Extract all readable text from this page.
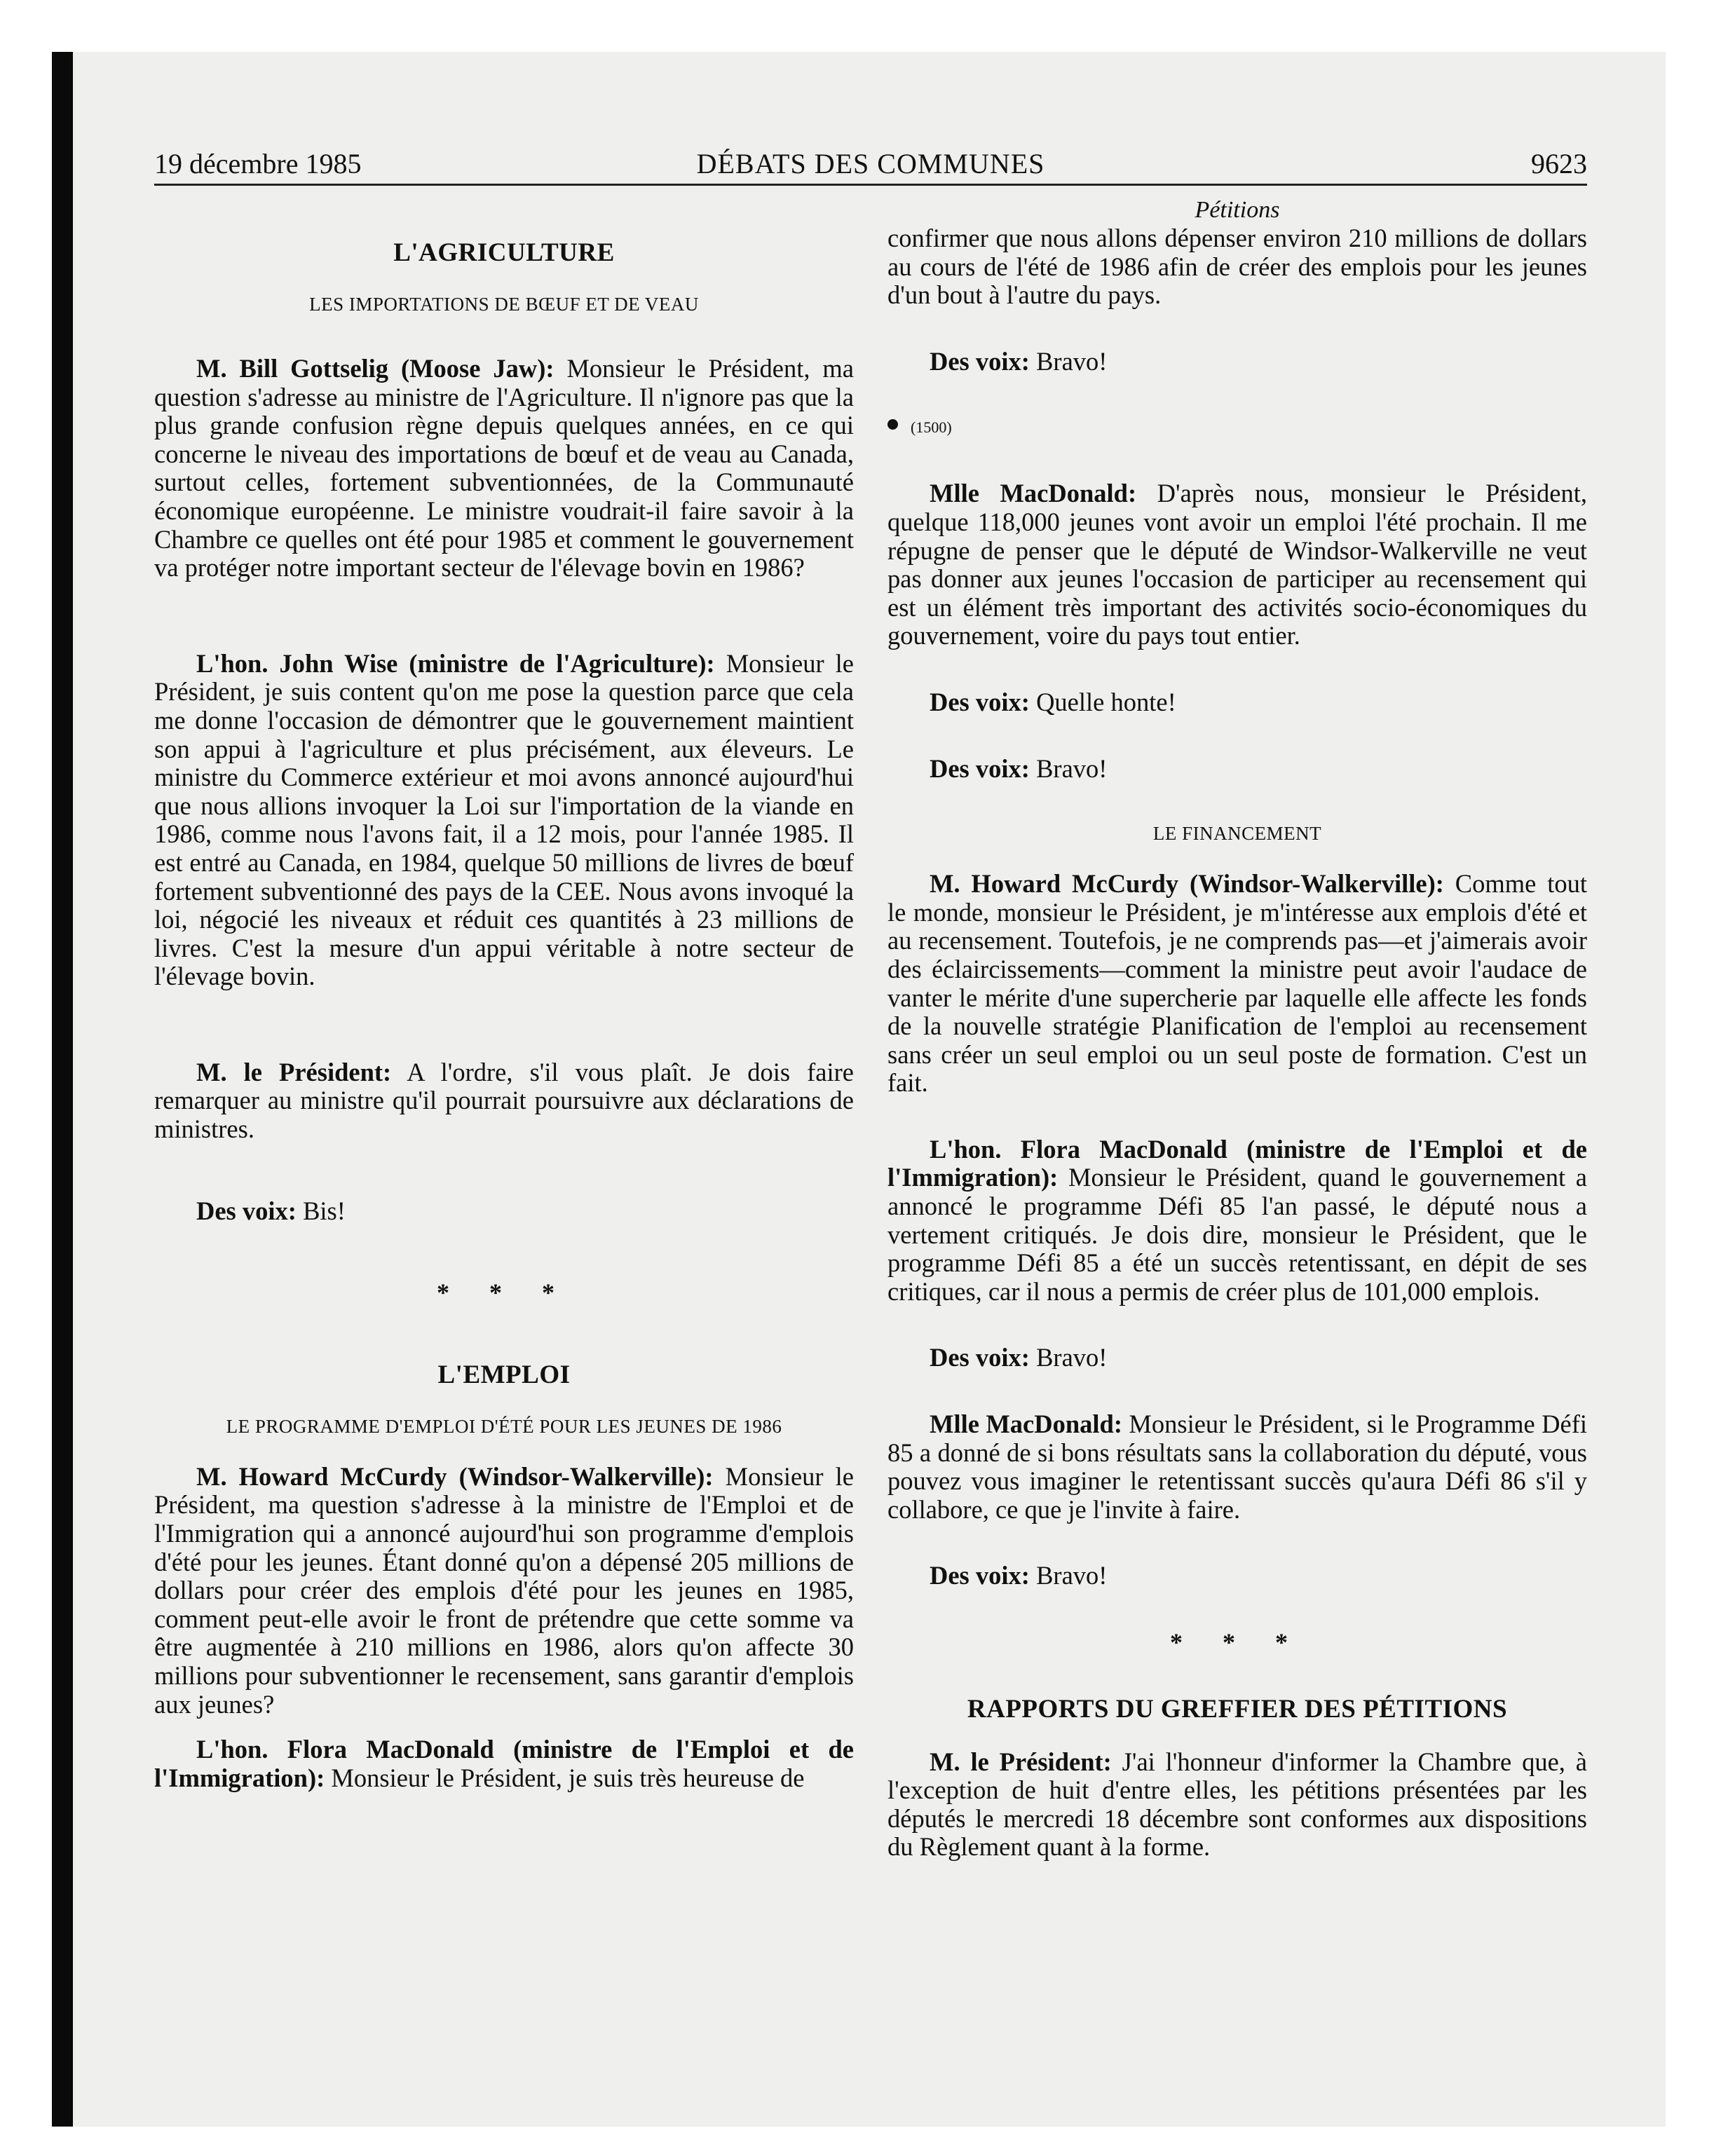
19 décembre 1985	DÉBATS DES COMMUNES	9623
L'AGRICULTURE
LES IMPORTATIONS DE BŒUF ET DE VEAU

M. Bill Gottselig (Moose Jaw): Monsieur le Président, ma question s'adresse au ministre de l'Agriculture. Il n'ignore pas que la plus grande confusion règne depuis quelques années, en ce qui concerne le niveau des importations de bœuf et de veau au Canada, surtout celles, fortement subventionnées, de la Communauté économique européenne. Le ministre voudrait-il faire savoir à la Chambre ce quelles ont été pour 1985 et comment le gouvernement va protéger notre important secteur de l'élevage bovin en 1986?

L'hon. John Wise (ministre de l'Agriculture): Monsieur le Président, je suis content qu'on me pose la question parce que cela me donne l'occasion de démontrer que le gouvernement maintient son appui à l'agriculture et plus précisément, aux éleveurs. Le ministre du Commerce extérieur et moi avons annoncé aujourd'hui que nous allions invoquer la Loi sur l'importation de la viande en 1986, comme nous l'avons fait, il a 12 mois, pour l'année 1985. Il est entré au Canada, en 1984, quelque 50 millions de livres de bœuf fortement subventionné des pays de la CEE. Nous avons invoqué la loi, négocié les niveaux et réduit ces quantités à 23 millions de livres. C'est la mesure d'un appui véritable à notre secteur de l'élevage bovin.

M. le Président: A l'ordre, s'il vous plaît. Je dois faire remarquer au ministre qu'il pourrait poursuivre aux déclarations de ministres.

Des voix: Bis!

* * *
L'EMPLOI
LE PROGRAMME D'EMPLOI D'ÉTÉ POUR LES JEUNES DE 1986

M. Howard McCurdy (Windsor-Walkerville): Monsieur le Président, ma question s'adresse à la ministre de l'Emploi et de l'Immigration qui a annoncé aujourd'hui son programme d'emplois d'été pour les jeunes. Étant donné qu'on a dépensé 205 millions de dollars pour créer des emplois d'été pour les jeunes en 1985, comment peut-elle avoir le front de prétendre que cette somme va être augmentée à 210 millions en 1986, alors qu'on affecte 30 millions pour subventionner le recensement, sans garantir d'emplois aux jeunes?

L'hon. Flora MacDonald (ministre de l'Emploi et de l'Immigration): Monsieur le Président, je suis très heureuse de

Pétitions

confirmer que nous allons dépenser environ 210 millions de dollars au cours de l'été de 1986 afin de créer des emplois pour les jeunes d'un bout à l'autre du pays.

Des voix: Bravo!

(1500)

Mlle MacDonald: D'après nous, monsieur le Président, quelque 118,000 jeunes vont avoir un emploi l'été prochain. Il me répugne de penser que le député de Windsor-Walkerville ne veut pas donner aux jeunes l'occasion de participer au recensement qui est un élément très important des activités socio-économiques du gouvernement, voire du pays tout entier.

Des voix: Quelle honte!

Des voix: Bravo!

LE FINANCEMENT

M. Howard McCurdy (Windsor-Walkerville): Comme tout le monde, monsieur le Président, je m'intéresse aux emplois d'été et au recensement. Toutefois, je ne comprends pas—et j'aimerais avoir des éclaircissements—comment la ministre peut avoir l'audace de vanter le mérite d'une supercherie par laquelle elle affecte les fonds de la nouvelle stratégie Planification de l'emploi au recensement sans créer un seul emploi ou un seul poste de formation. C'est un fait.

L'hon. Flora MacDonald (ministre de l'Emploi et de l'Immigration): Monsieur le Président, quand le gouvernement a annoncé le programme Défi 85 l'an passé, le député nous a vertement critiqués. Je dois dire, monsieur le Président, que le programme Défi 85 a été un succès retentissant, en dépit de ses critiques, car il nous a permis de créer plus de 101,000 emplois.

Des voix: Bravo!

Mlle MacDonald: Monsieur le Président, si le Programme Défi 85 a donné de si bons résultats sans la collaboration du député, vous pouvez vous imaginer le retentissant succès qu'aura Défi 86 s'il y collabore, ce que je l'invite à faire.

Des voix: Bravo!

* * *
RAPPORTS DU GREFFIER DES PÉTITIONS

M. le Président: J'ai l'honneur d'informer la Chambre que, à l'exception de huit d'entre elles, les pétitions présentées par les députés le mercredi 18 décembre sont conformes aux dispositions du Règlement quant à la forme.
